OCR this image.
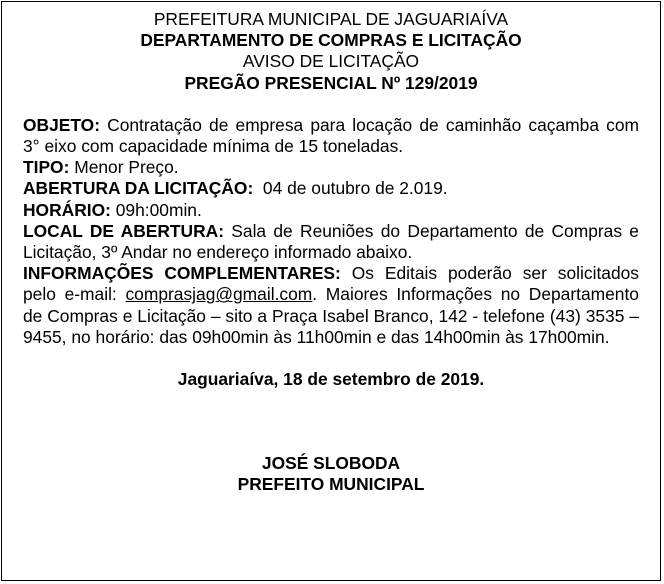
PREFEITURA MUNICIPAL DE JAGUARIAÍVA
DEPARTAMENTO DE COMPRAS E LICITAÇÃO
AVISO DE LICITAÇÃO
PREGÃO PRESENCIAL Nº 129/2019
OBJETO: Contratação de empresa para locação de caminhão caçamba com 3° eixo com capacidade mínima de 15 toneladas.
TIPO: Menor Preço.
ABERTURA DA LICITAÇÃO: 04 de outubro de 2.019.
HORÁRIO: 09h:00min.
LOCAL DE ABERTURA: Sala de Reuniões do Departamento de Compras e Licitação, 3º Andar no endereço informado abaixo.
INFORMAÇÕES COMPLEMENTARES: Os Editais poderão ser solicitados pelo e-mail: comprasjag@gmail.com. Maiores Informações no Departamento de Compras e Licitação – sito a Praça Isabel Branco, 142 - telefone (43) 3535 – 9455, no horário: das 09h00min às 11h00min e das 14h00min às 17h00min.
Jaguariaíva, 18 de setembro de 2019.
JOSÉ SLOBODA
PREFEITO MUNICIPAL
